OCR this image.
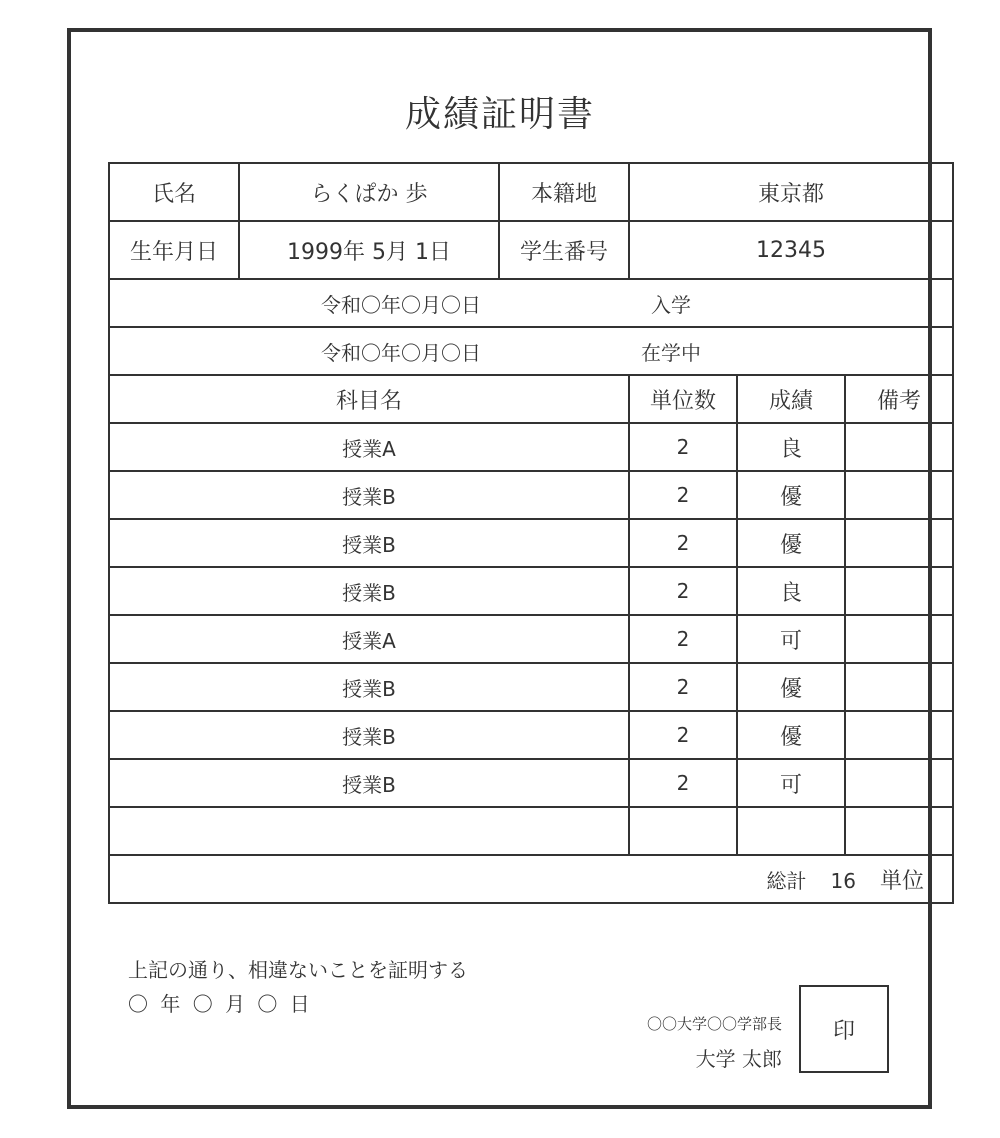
成績証明書
氏名	らくぱか 歩	本籍地	東京都		
生年月日	1999年 5月 1日	学生番号	12345		
令和〇年〇月〇日 入学					
令和〇年〇月〇日 在学中					
科目名			単位数	成績	備考
授業A			2	良	
授業B			2	優	
授業B			2	優	
授業B			2	良	
授業A			2	可	
授業B			2	優	
授業B			2	優	
授業B			2	可	

総計 16 単位					
上記の通り、相違ないことを証明する
〇 年 〇 月 〇 日
〇〇大学〇〇学部長
大学 太郎
印
